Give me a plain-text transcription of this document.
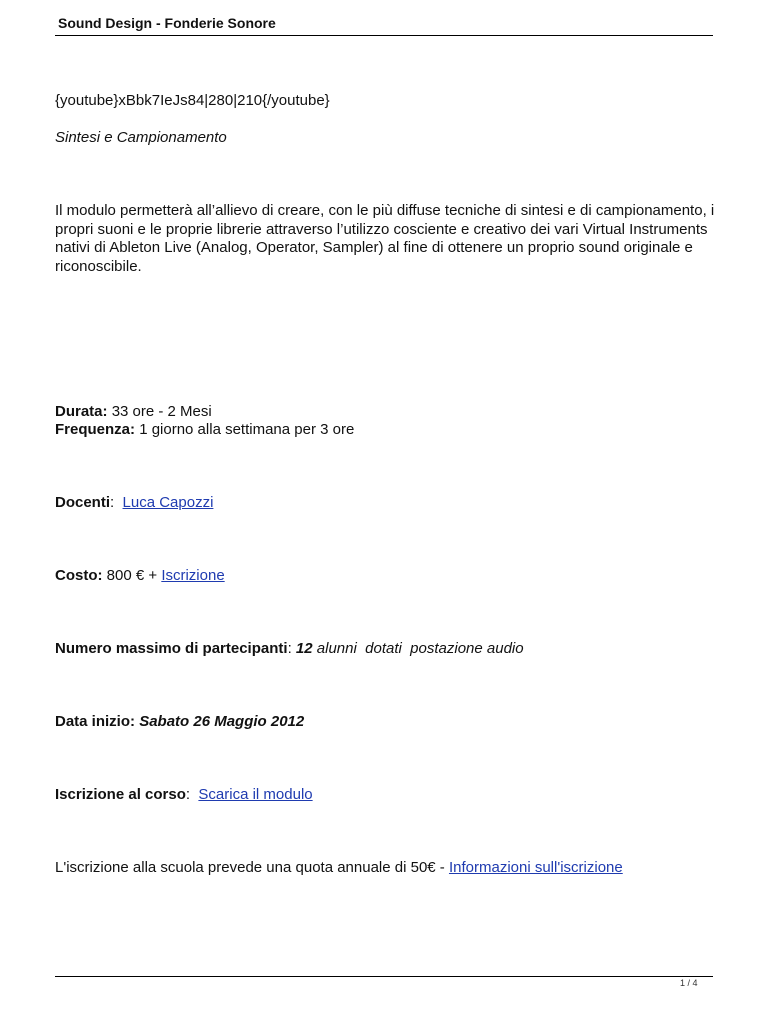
Sound Design - Fonderie Sonore
{youtube}xBbk7IeJs84|280|210{/youtube}
Sintesi e Campionamento
Il modulo permetterà all’allievo di creare, con le più diffuse tecniche di sintesi e di campionamento, i propri suoni e le proprie librerie attraverso l’utilizzo cosciente e creativo dei vari Virtual Instruments nativi di Ableton Live (Analog, Operator, Sampler) al fine di ottenere un proprio sound originale e riconoscibile.
Durata: 33 ore - 2 Mesi
Frequenza: 1 giorno alla settimana per 3 ore
Docenti: Luca Capozzi
Costo: 800 € + Iscrizione
Numero massimo di partecipanti: 12 alunni  dotati  postazione audio
Data inizio: Sabato 26 Maggio 2012
Iscrizione al corso: Scarica il modulo
L'iscrizione alla scuola prevede una quota annuale di 50€ - Informazioni sull'iscrizione
1 / 4
